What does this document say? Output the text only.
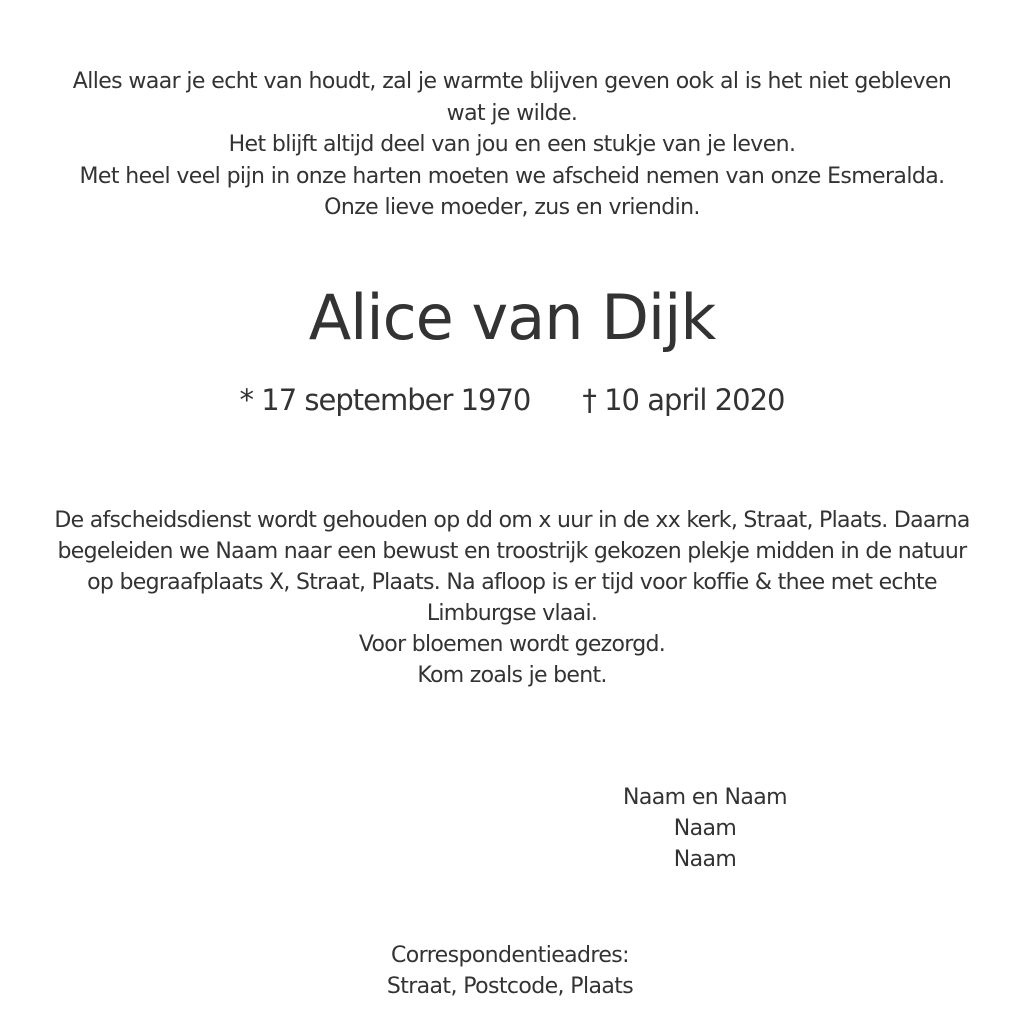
Alles waar je echt van houdt, zal je warmte blijven geven ook al is het niet gebleven
wat je wilde.
Het blijft altijd deel van jou en een stukje van je leven.
Met heel veel pijn in onze harten moeten we afscheid nemen van onze Esmeralda.
Onze lieve moeder, zus en vriendin.
Alice van Dijk
* 17 september 1970 † 10 april 2020
De afscheidsdienst wordt gehouden op dd om x uur in de xx kerk, Straat, Plaats. Daarna
begeleiden we Naam naar een bewust en troostrijk gekozen plekje midden in de natuur
op begraafplaats X, Straat, Plaats. Na afloop is er tijd voor koffie & thee met echte
Limburgse vlaai.
Voor bloemen wordt gezorgd.
Kom zoals je bent.
Naam en Naam
Naam
Naam
Correspondentieadres:
Straat, Postcode, Plaats
